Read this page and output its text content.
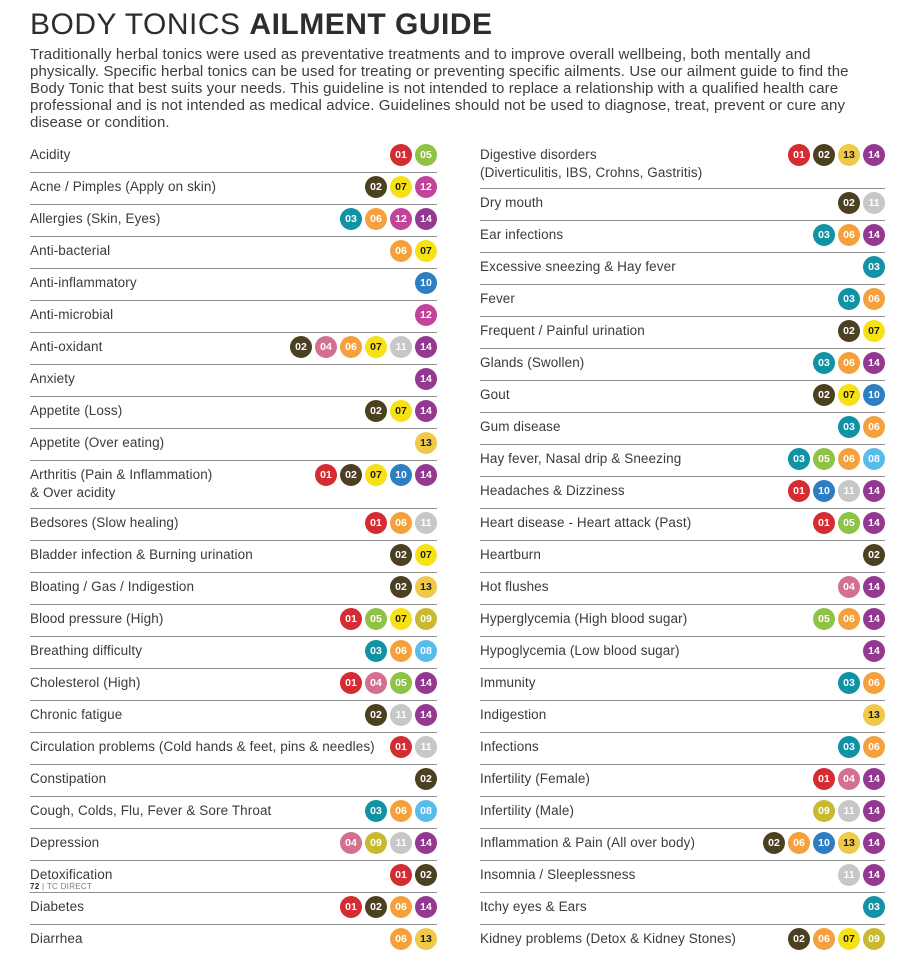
BODY TONICS AILMENT GUIDE

Traditionally herbal tonics were used as preventative treatments and to improve overall wellbeing, both mentally and physically. Specific herbal tonics can be used for treating or preventing specific ailments. Use our ailment guide to find the Body Tonic that best suits your needs. This guideline is not intended to replace a relationship with a qualified health care professional and is not intended as medical advice. Guidelines should not be used to diagnose, treat, prevent or cure any disease or condition.

Acidity	01	05
Acne / Pimples (Apply on skin)	02	07	12
Allergies (Skin, Eyes)	03	06	12	14
Anti-bacterial	06	07
Anti-inflammatory	10
Anti-microbial	12
Anti-oxidant	02	04	06	07	11	14
Anxiety	14
Appetite (Loss)	02	07	14
Appetite (Over eating)	13
Arthritis (Pain & Inflammation)
& Over acidity
01	02	07	10	14
Bedsores (Slow healing)	01	06	11
Bladder infection & Burning urination	02	07
Bloating / Gas / Indigestion	02	13
Blood pressure (High)	01	05	07	09
Breathing difficulty	03	06	08
Cholesterol (High)	01	04	05	14
Chronic fatigue	02	11	14
Circulation problems (Cold hands & feet, pins & needles)	01	11
Constipation	02
Cough, Colds, Flu, Fever & Sore Throat	03	06	08
Depression	04	09	11	14
Detoxification	01	02
Diabetes	01	02	06	14
Diarrhea	06	13
Digestive disorders
(Diverticulitis, IBS, Crohns, Gastritis)
01	02	13	14
Dry mouth	02	11
Ear infections	03	06	14
Excessive sneezing & Hay fever	03
Fever	03	06
Frequent / Painful urination	02	07
Glands (Swollen)	03	06	14
Gout	02	07	10
Gum disease	03	06
Hay fever, Nasal drip & Sneezing	03	05	06	08
Headaches & Dizziness	01	10	11	14
Heart disease - Heart attack (Past)	01	05	14
Heartburn	02
Hot flushes	04	14
Hyperglycemia (High blood sugar)	05	06	14
Hypoglycemia (Low blood sugar)	14
Immunity	03	06
Indigestion	13
Infections	03	06
Infertility (Female)	01	04	14
Infertility (Male)	09	11	14
Inflammation & Pain (All over body)	02	06	10	13	14
Insomnia / Sleeplessness	11	14
Itchy eyes & Ears	03
Kidney problems (Detox & Kidney Stones)	02	06	07	09
72 | TC DIRECT
